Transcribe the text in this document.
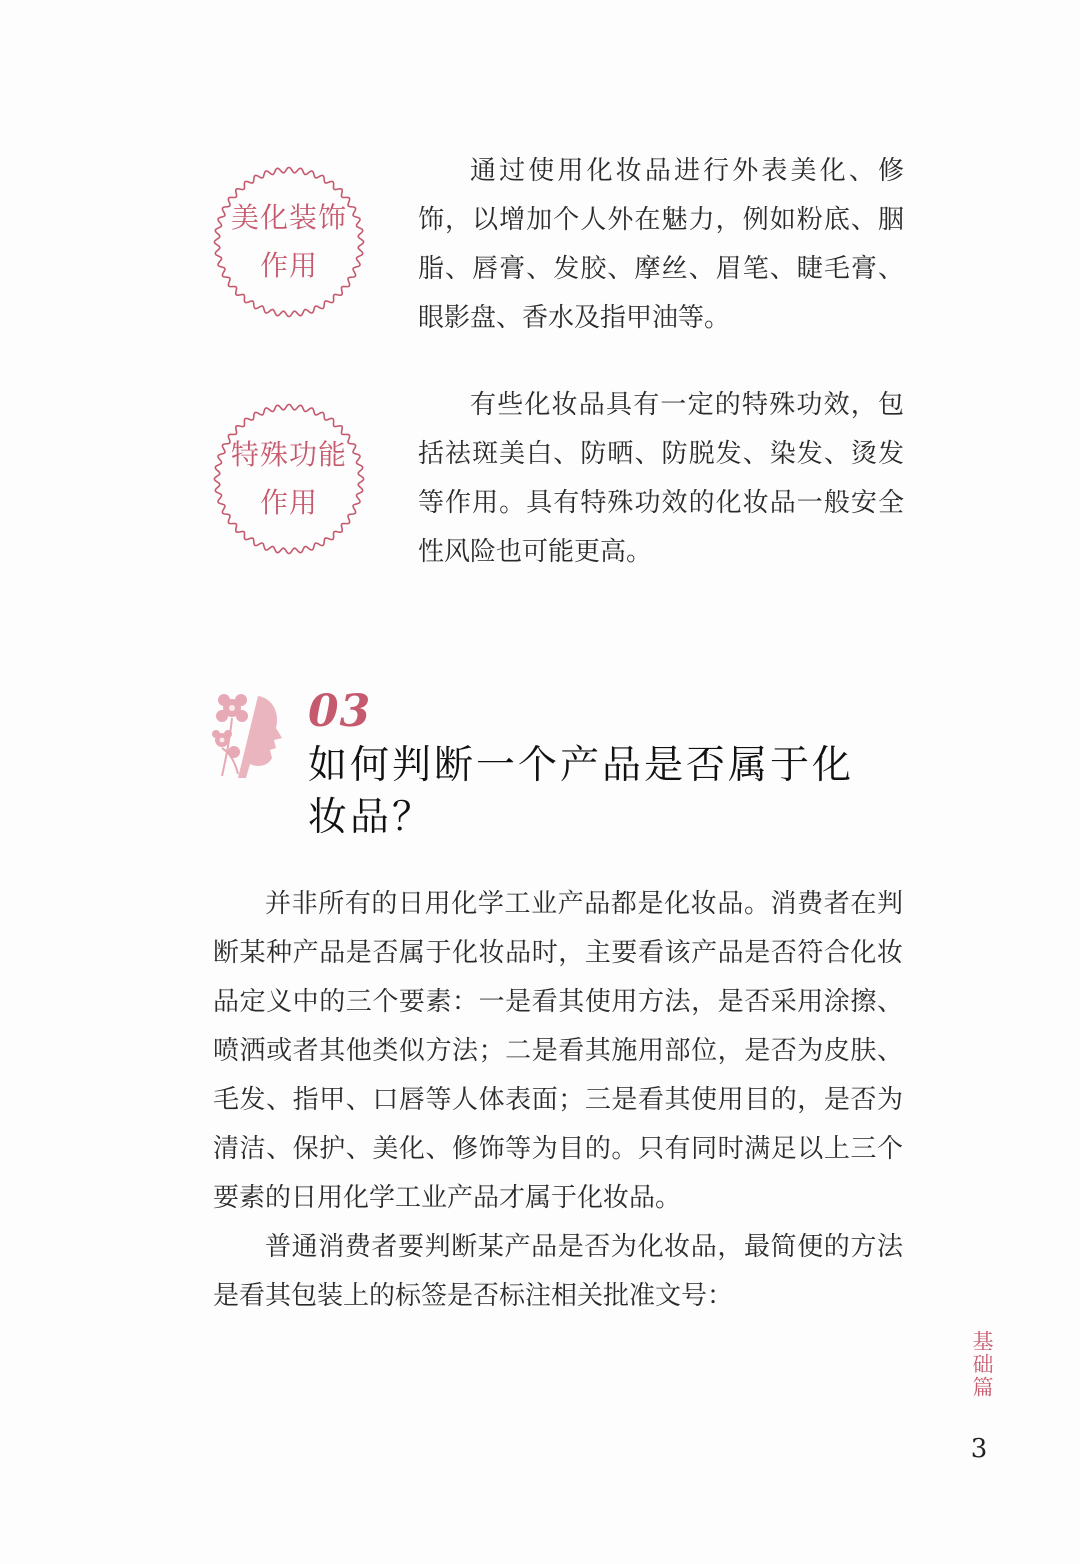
美化装饰
作用

通过使用化妆品进行外表美化、修饰，以增加个人外在魅力，例如粉底、胭脂、唇膏、发胶、摩丝、眉笔、睫毛膏、眼影盘、香水及指甲油等。

特殊功能
作用

有些化妆品具有一定的特殊功效，包括祛斑美白、防晒、防脱发、染发、烫发等作用。具有特殊功效的化妆品一般安全性风险也可能更高。

03

如何判断一个产品是否属于化妆品？

并非所有的日用化学工业产品都是化妆品。消费者在判断某种产品是否属于化妆品时，主要看该产品是否符合化妆品定义中的三个要素：一是看其使用方法，是否采用涂擦、喷洒或者其他类似方法；二是看其施用部位，是否为皮肤、毛发、指甲、口唇等人体表面；三是看其使用目的，是否为清洁、保护、美化、修饰等为目的。只有同时满足以上三个要素的日用化学工业产品才属于化妆品。

普通消费者要判断某产品是否为化妆品，最简便的方法是看其包装上的标签是否标注相关批准文号：

基础篇
3
